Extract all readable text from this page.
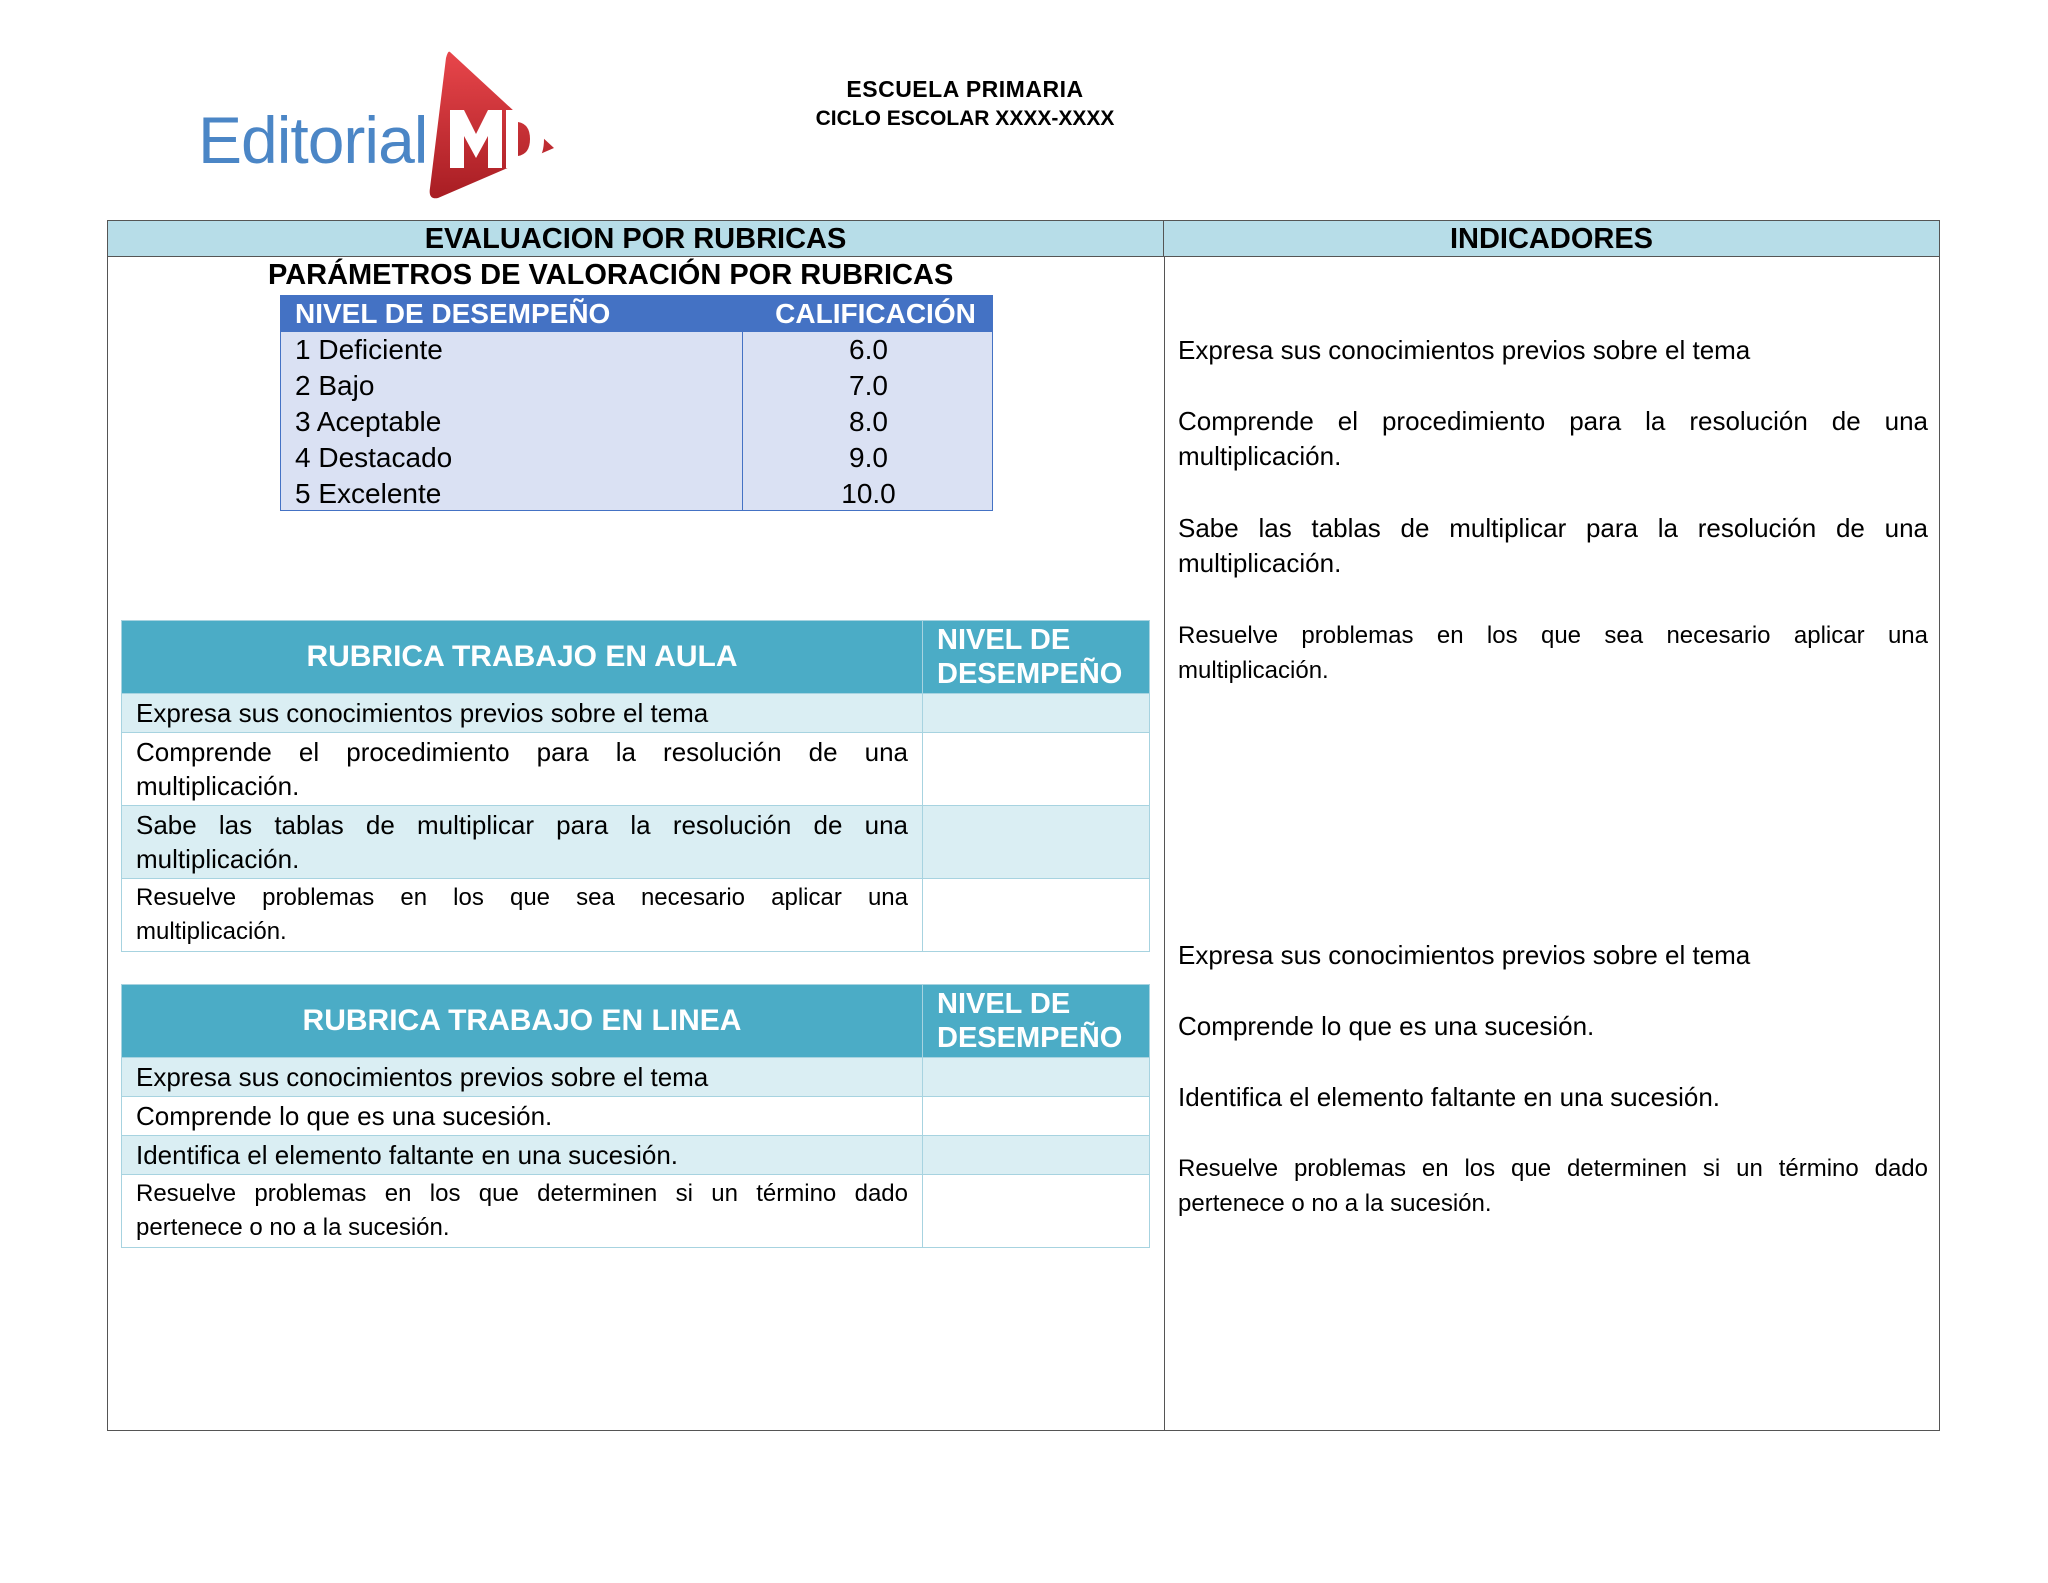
Editorial
ESCUELA PRIMARIA
CICLO ESCOLAR XXXX-XXXX
EVALUACION POR RUBRICAS	INDICADORES
PARÁMETROS DE VALORACIÓN POR RUBRICAS
NIVEL DE DESEMPEÑO	CALIFICACIÓN
1 Deficiente	6.0
2 Bajo	7.0
3 Aceptable	8.0
4 Destacado	9.0
5 Excelente	10.0
RUBRICA TRABAJO EN AULA	NIVEL DE DESEMPEÑO
Expresa sus conocimientos previos sobre el tema
Comprende el procedimiento para la resolución de una multiplicación.
Sabe las tablas de multiplicar para la resolución de una multiplicación.
Resuelve problemas en los que sea necesario aplicar una multiplicación.
RUBRICA TRABAJO EN LINEA	NIVEL DE DESEMPEÑO
Expresa sus conocimientos previos sobre el tema
Comprende lo que es una sucesión.
Identifica el elemento faltante en una sucesión.
Resuelve problemas en los que determinen si un término dado pertenece o no a la sucesión.
Expresa sus conocimientos previos sobre el tema
Comprende el procedimiento para la resolución de una multiplicación.
Sabe las tablas de multiplicar para la resolución de una multiplicación.
Resuelve problemas en los que sea necesario aplicar una multiplicación.
Expresa sus conocimientos previos sobre el tema
Comprende lo que es una sucesión.
Identifica el elemento faltante en una sucesión.
Resuelve problemas en los que determinen si un término dado pertenece o no a la sucesión.
